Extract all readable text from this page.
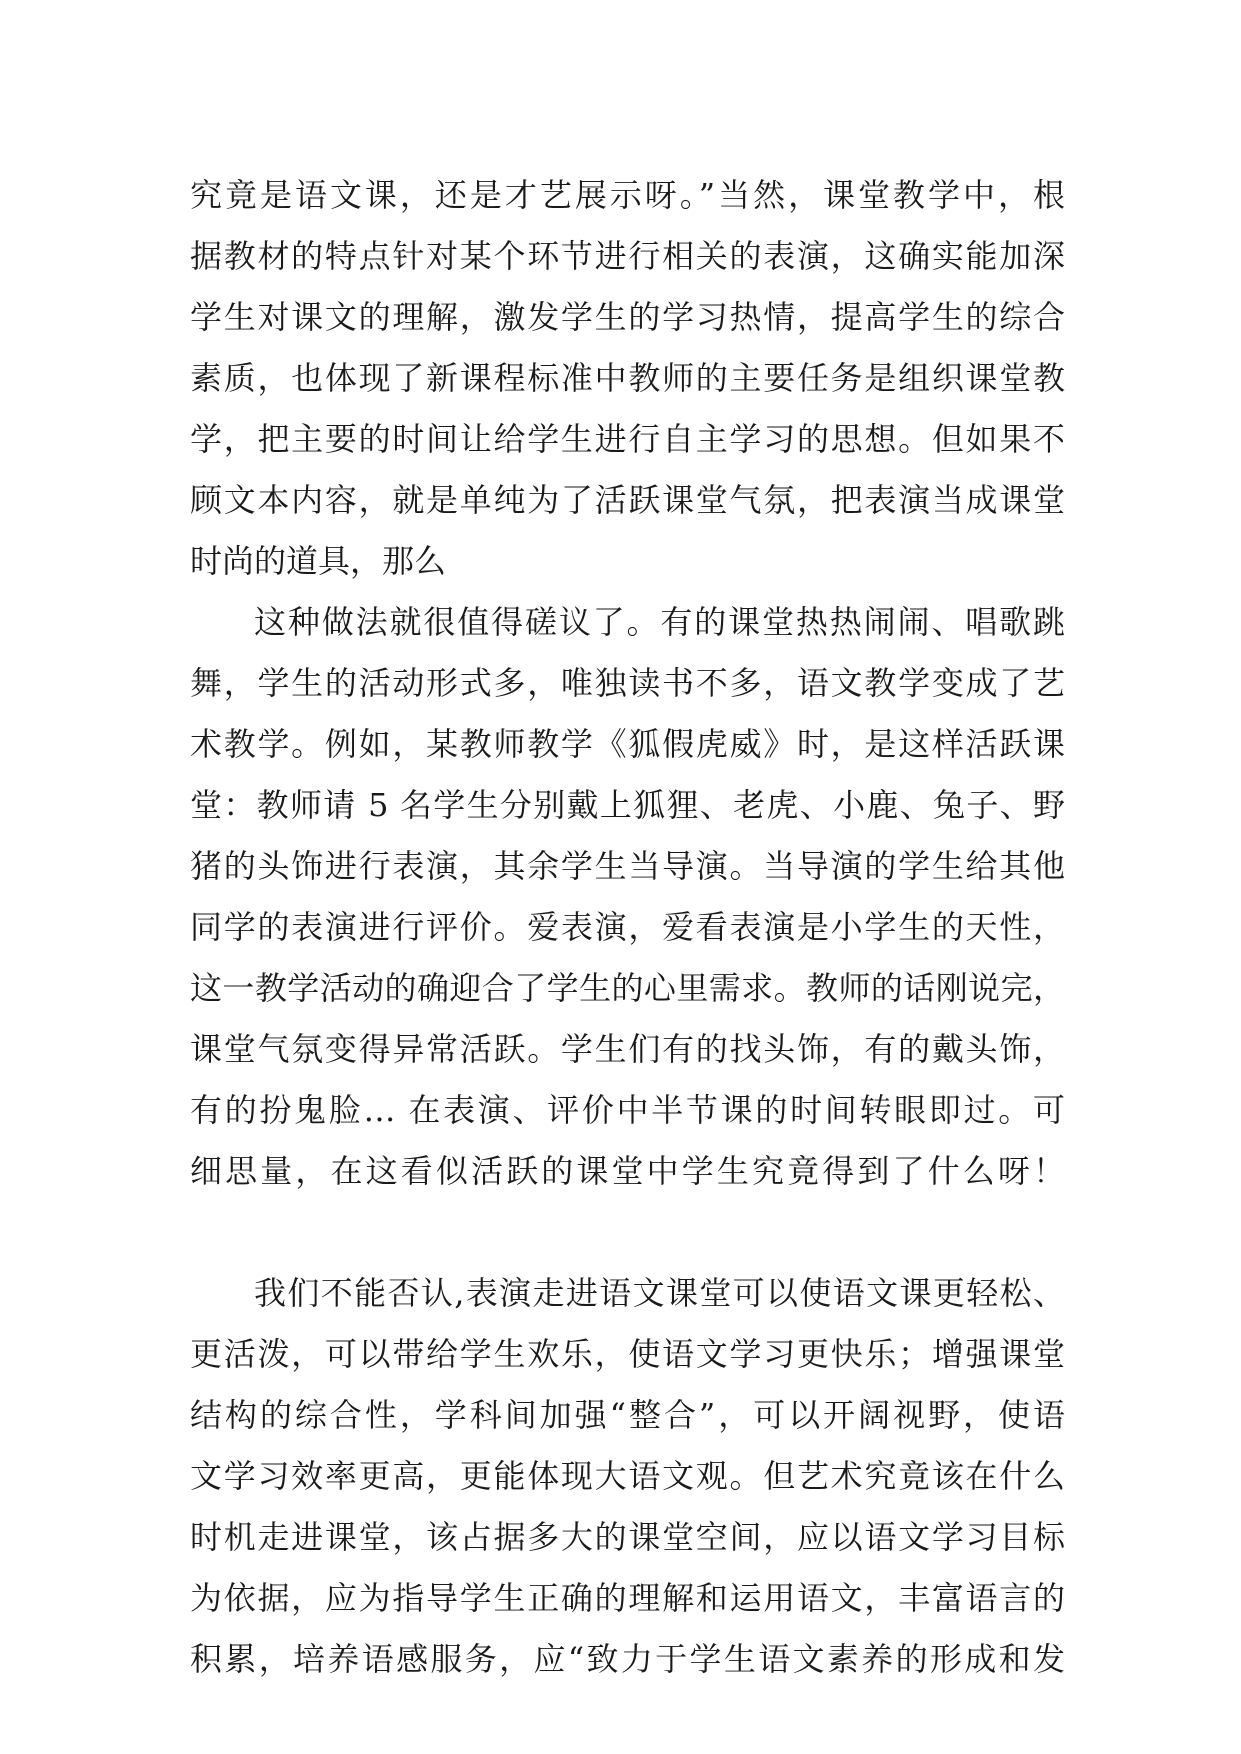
究竟是语文课，还是才艺展示呀。”当然，课堂教学中，根
据教材的特点针对某个环节进行相关的表演，这确实能加深
学生对课文的理解，激发学生的学习热情，提高学生的综合
素质，也体现了新课程标准中教师的主要任务是组织课堂教
学，把主要的时间让给学生进行自主学习的思想。但如果不
顾文本内容，就是单纯为了活跃课堂气氛，把表演当成课堂
时尚的道具，那么
这种做法就很值得磋议了。有的课堂热热闹闹、唱歌跳
舞，学生的活动形式多，唯独读书不多，语文教学变成了艺
术教学。例如，某教师教学《狐假虎威》时，是这样活跃课
堂：教师请 5 名学生分别戴上狐狸、老虎、小鹿、兔子、野
猪的头饰进行表演，其余学生当导演。当导演的学生给其他
同学的表演进行评价。爱表演，爱看表演是小学生的天性，
这一教学活动的确迎合了学生的心里需求。教师的话刚说完，
课堂气氛变得异常活跃。学生们有的找头饰，有的戴头饰，
有的扮鬼脸… 在表演、评价中半节课的时间转眼即过。可
细思量，在这看似活跃的课堂中学生究竟得到了什么呀！
我们不能否认,表演走进语文课堂可以使语文课更轻松、
更活泼，可以带给学生欢乐，使语文学习更快乐；增强课堂
结构的综合性，学科间加强“整合”，可以开阔视野，使语
文学习效率更高，更能体现大语文观。但艺术究竟该在什么
时机走进课堂，该占据多大的课堂空间，应以语文学习目标
为依据，应为指导学生正确的理解和运用语文，丰富语言的
积累，培养语感服务，应“致力于学生语文素养的形成和发
